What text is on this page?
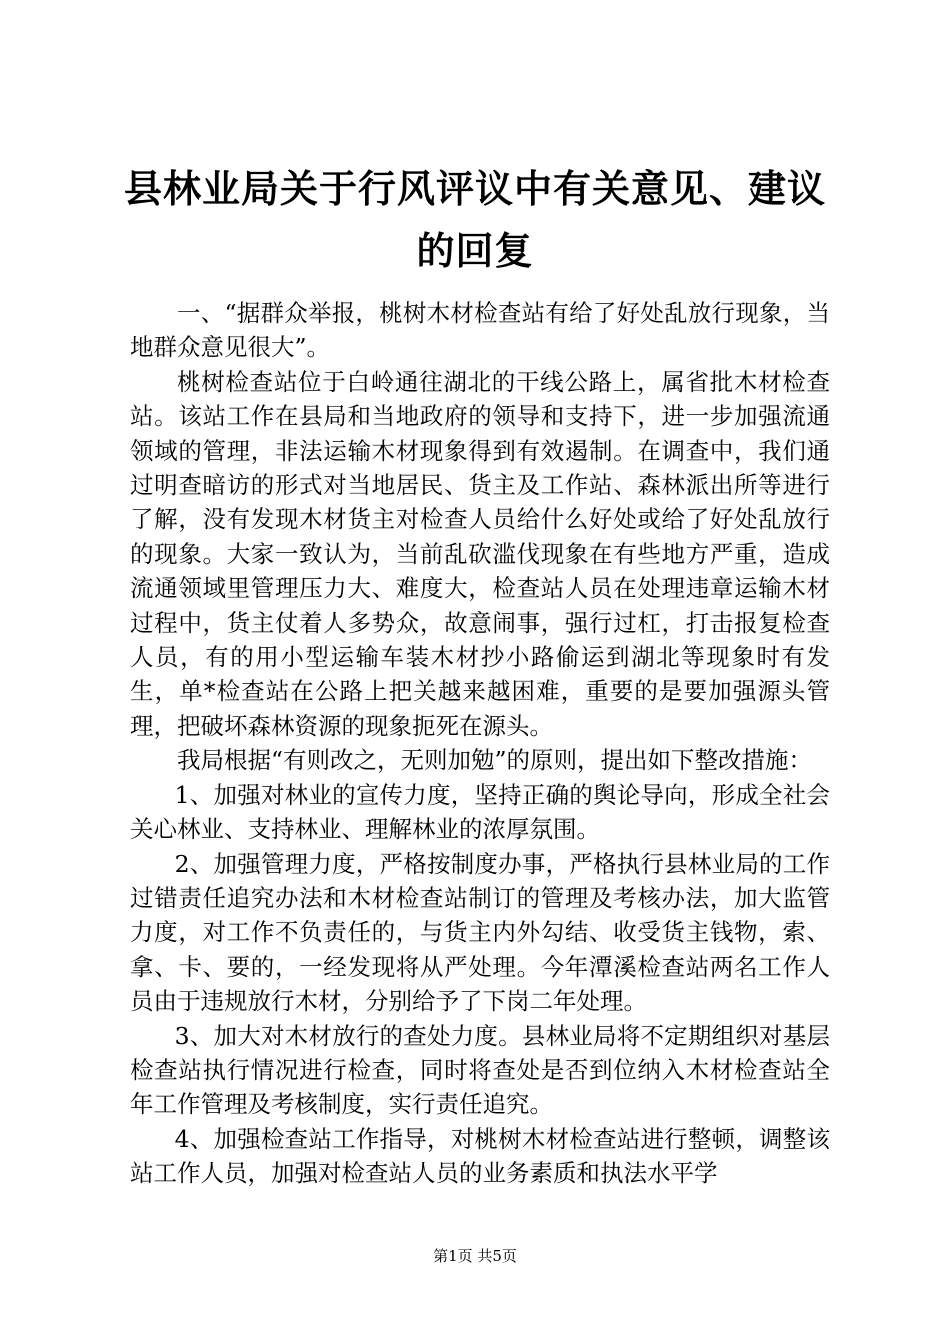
县林业局关于行风评议中有关意见、建议的回复

一、“据群众举报，桃树木材检查站有给了好处乱放行现象，当地群众意见很大”。

桃树检查站位于白岭通往湖北的干线公路上，属省批木材检查站。该站工作在县局和当地政府的领导和支持下，进一步加强流通领域的管理，非法运输木材现象得到有效遏制。在调查中，我们通过明查暗访的形式对当地居民、货主及工作站、森林派出所等进行了解，没有发现木材货主对检查人员给什么好处或给了好处乱放行的现象。大家一致认为，当前乱砍滥伐现象在有些地方严重，造成流通领域里管理压力大、难度大，检查站人员在处理违章运输木材过程中，货主仗着人多势众，故意闹事，强行过杠，打击报复检查人员，有的用小型运输车装木材抄小路偷运到湖北等现象时有发生，单*检查站在公路上把关越来越困难，重要的是要加强源头管理，把破坏森林资源的现象扼死在源头。

我局根据“有则改之，无则加勉”的原则，提出如下整改措施：

1、加强对林业的宣传力度，坚持正确的舆论导向，形成全社会关心林业、支持林业、理解林业的浓厚氛围。

2、加强管理力度，严格按制度办事，严格执行县林业局的工作过错责任追究办法和木材检查站制订的管理及考核办法，加大监管力度，对工作不负责任的，与货主内外勾结、收受货主钱物，索、拿、卡、要的，一经发现将从严处理。今年潭溪检查站两名工作人员由于违规放行木材，分别给予了下岗二年处理。

3、加大对木材放行的查处力度。县林业局将不定期组织对基层检查站执行情况进行检查，同时将查处是否到位纳入木材检查站全年工作管理及考核制度，实行责任追究。

4、加强检查站工作指导，对桃树木材检查站进行整顿，调整该站工作人员，加强对检查站人员的业务素质和执法水平学

第1页 共5页
